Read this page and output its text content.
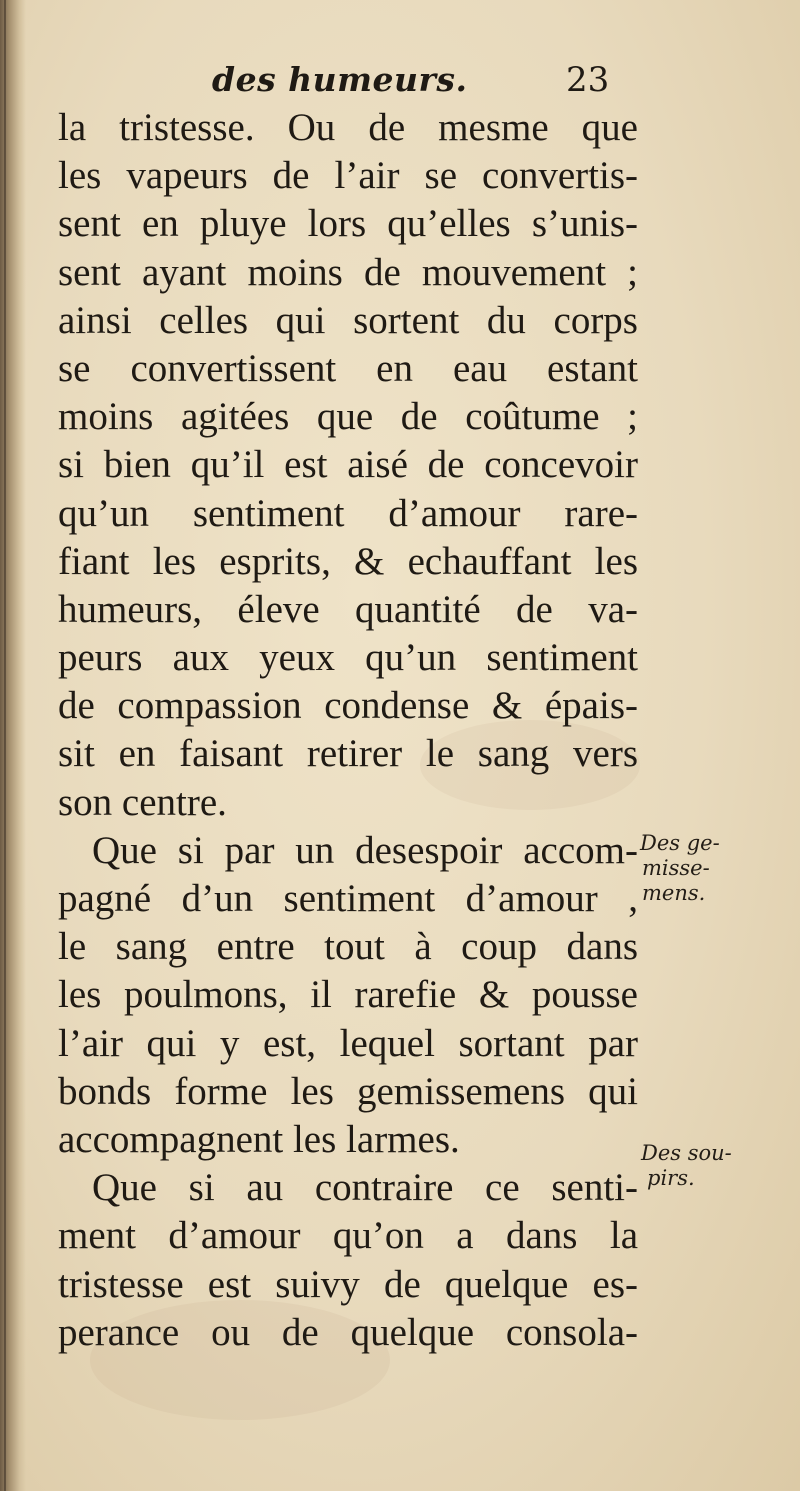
des humeurs.	23
la tristesse. Ou de mesme que
les vapeurs de l’air se convertis-
sent en pluye lors qu’elles s’unis-
sent ayant moins de mouvement ;
ainsi celles qui sortent du corps
se convertissent en eau estant
moins agitées que de coûtume ;
si bien qu’il est aisé de concevoir
qu’un sentiment d’amour rare-
fiant les esprits, & echauffant les
humeurs, éleve quantité de va-
peurs aux yeux qu’un sentiment
de compassion condense & épais-
sit en faisant retirer le sang vers
son centre.
Que si par un desespoir accom-
pagné d’un sentiment d’amour ,
le sang entre tout à coup dans
les poulmons, il rarefie & pousse
l’air qui y est, lequel sortant par
bonds forme les gemissemens qui
accompagnent les larmes.
Que si au contraire ce senti-
ment d’amour qu’on a dans la
tristesse est suivy de quelque es-
perance ou de quelque consola-
Des ge-
misse-
mens.
Des sou-
pirs.
